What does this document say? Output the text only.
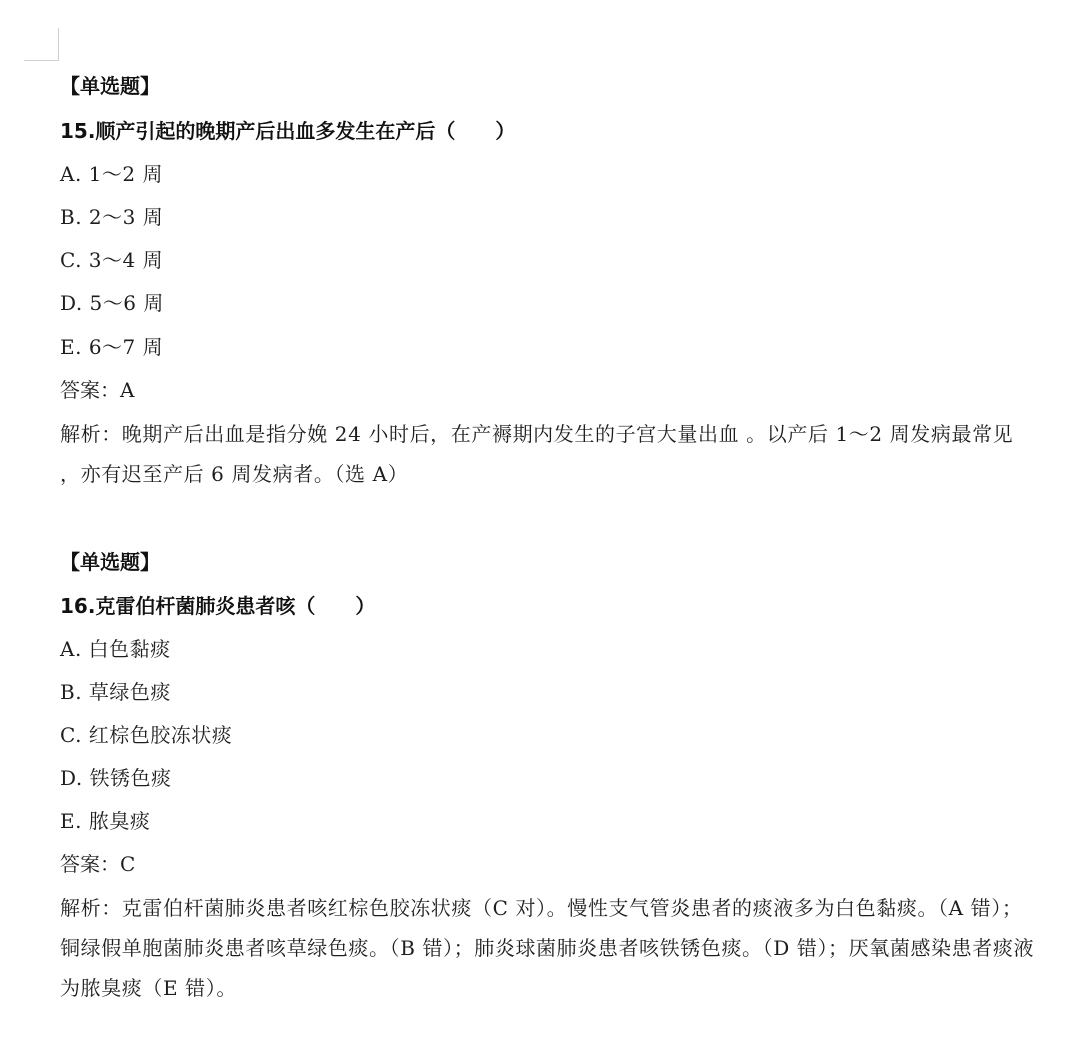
【单选题】
15.顺产引起的晚期产后出血多发生在产后（　　）
A. 1～2 周
B. 2～3 周
C. 3～4 周
D. 5～6 周
E. 6～7 周
答案：A
解析：晚期产后出血是指分娩 24 小时后，在产褥期内发生的子宫大量出血 。以产后 1～2 周发病最常见 ，亦有迟至产后 6 周发病者。（选 A）
【单选题】
16.克雷伯杆菌肺炎患者咳（　　）
A. 白色黏痰
B. 草绿色痰
C. 红棕色胶冻状痰
D. 铁锈色痰
E. 脓臭痰
答案：C
解析：克雷伯杆菌肺炎患者咳红棕色胶冻状痰（C 对）。慢性支气管炎患者的痰液多为白色黏痰。（A 错）；铜绿假单胞菌肺炎患者咳草绿色痰。（B 错）；肺炎球菌肺炎患者咳铁锈色痰。（D 错）；厌氧菌感染患者痰液为脓臭痰（E 错）。
